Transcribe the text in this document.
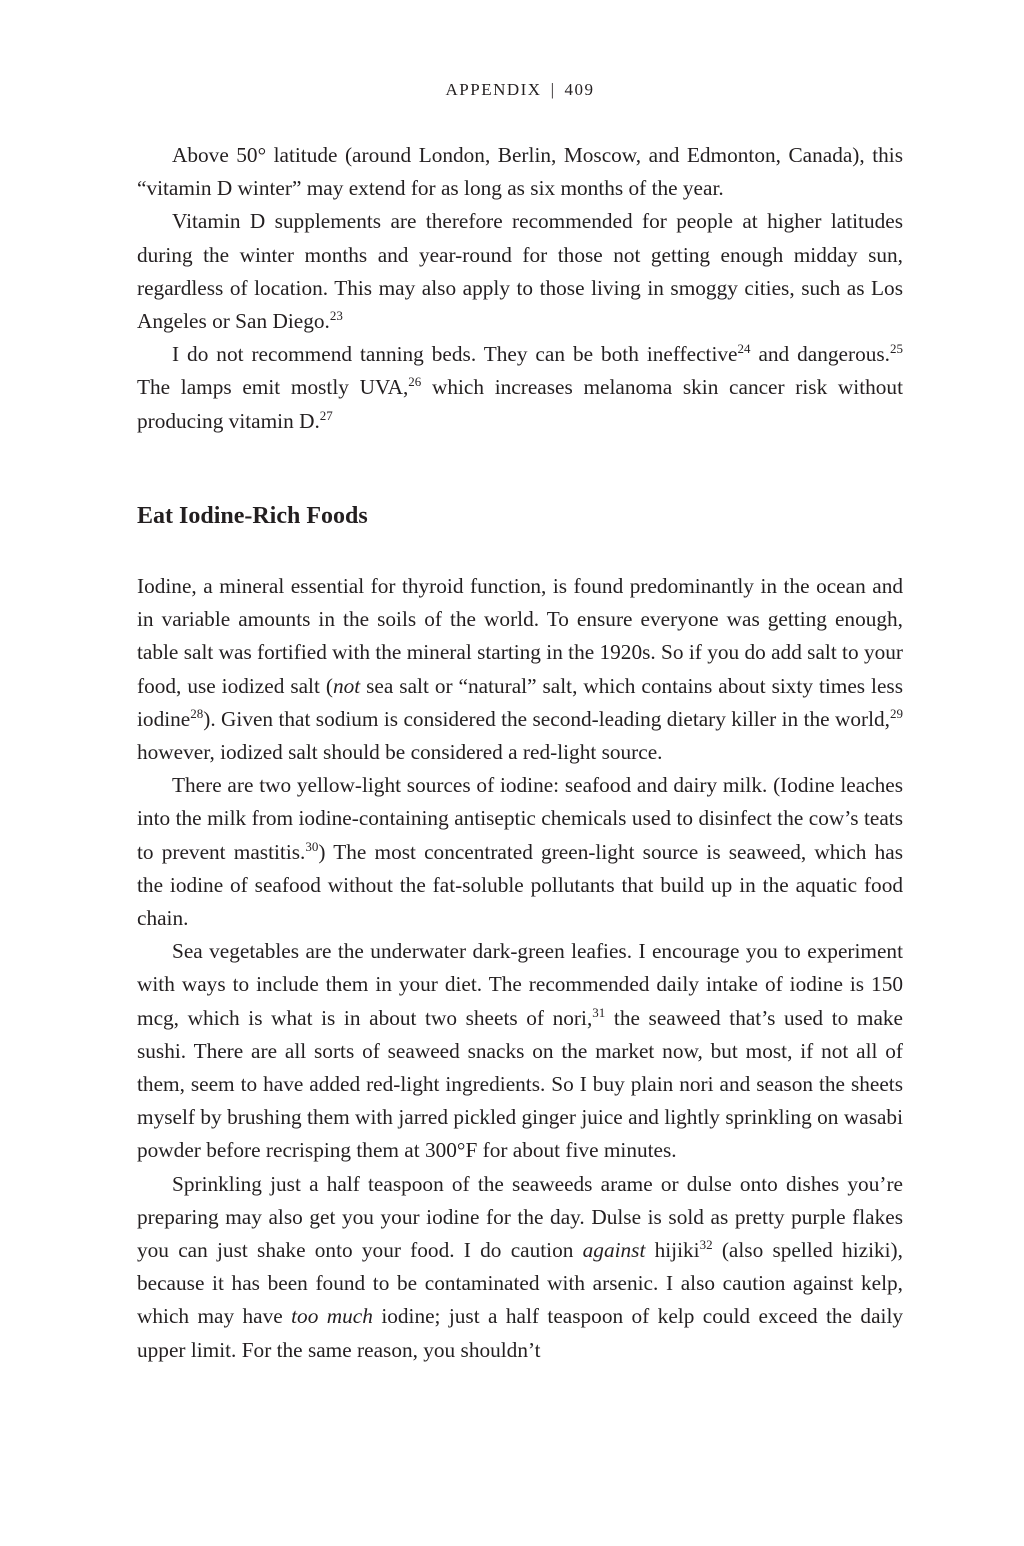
APPENDIX | 409

Above 50° latitude (around London, Berlin, Moscow, and Edmonton, Canada), this “vitamin D winter” may extend for as long as six months of the year.

Vitamin D supplements are therefore recommended for people at higher latitudes during the winter months and year-round for those not getting enough midday sun, regardless of location. This may also apply to those living in smoggy cities, such as Los Angeles or San Diego.$^{23}$

I do not recommend tanning beds. They can be both ineffective$^{24}$ and dangerous.$^{25}$ The lamps emit mostly UVA,$^{26}$ which increases melanoma skin cancer risk without producing vitamin D.$^{27}$

Eat Iodine-Rich Foods

Iodine, a mineral essential for thyroid function, is found predominantly in the ocean and in variable amounts in the soils of the world. To ensure everyone was getting enough, table salt was fortified with the mineral starting in the 1920s. So if you do add salt to your food, use iodized salt (not sea salt or “natural” salt, which contains about sixty times less iodine$^{28}$). Given that sodium is considered the second-leading dietary killer in the world,$^{29}$ however, iodized salt should be considered a red-light source.

There are two yellow-light sources of iodine: seafood and dairy milk. (Iodine leaches into the milk from iodine-containing antiseptic chemicals used to disinfect the cow’s teats to prevent mastitis.$^{30}$) The most concentrated green-light source is seaweed, which has the iodine of seafood without the fat-soluble pollutants that build up in the aquatic food chain.

Sea vegetables are the underwater dark-green leafies. I encourage you to experiment with ways to include them in your diet. The recommended daily intake of iodine is 150 mcg, which is what is in about two sheets of nori,$^{31}$ the seaweed that’s used to make sushi. There are all sorts of seaweed snacks on the market now, but most, if not all of them, seem to have added red-light ingredients. So I buy plain nori and season the sheets myself by brushing them with jarred pickled ginger juice and lightly sprinkling on wasabi powder before recrisping them at 300°F for about five minutes.

Sprinkling just a half teaspoon of the seaweeds arame or dulse onto dishes you’re preparing may also get you your iodine for the day. Dulse is sold as pretty purple flakes you can just shake onto your food. I do caution against hijiki$^{32}$ (also spelled hiziki), because it has been found to be contaminated with arsenic. I also caution against kelp, which may have too much iodine; just a half teaspoon of kelp could exceed the daily upper limit. For the same reason, you shouldn’t
